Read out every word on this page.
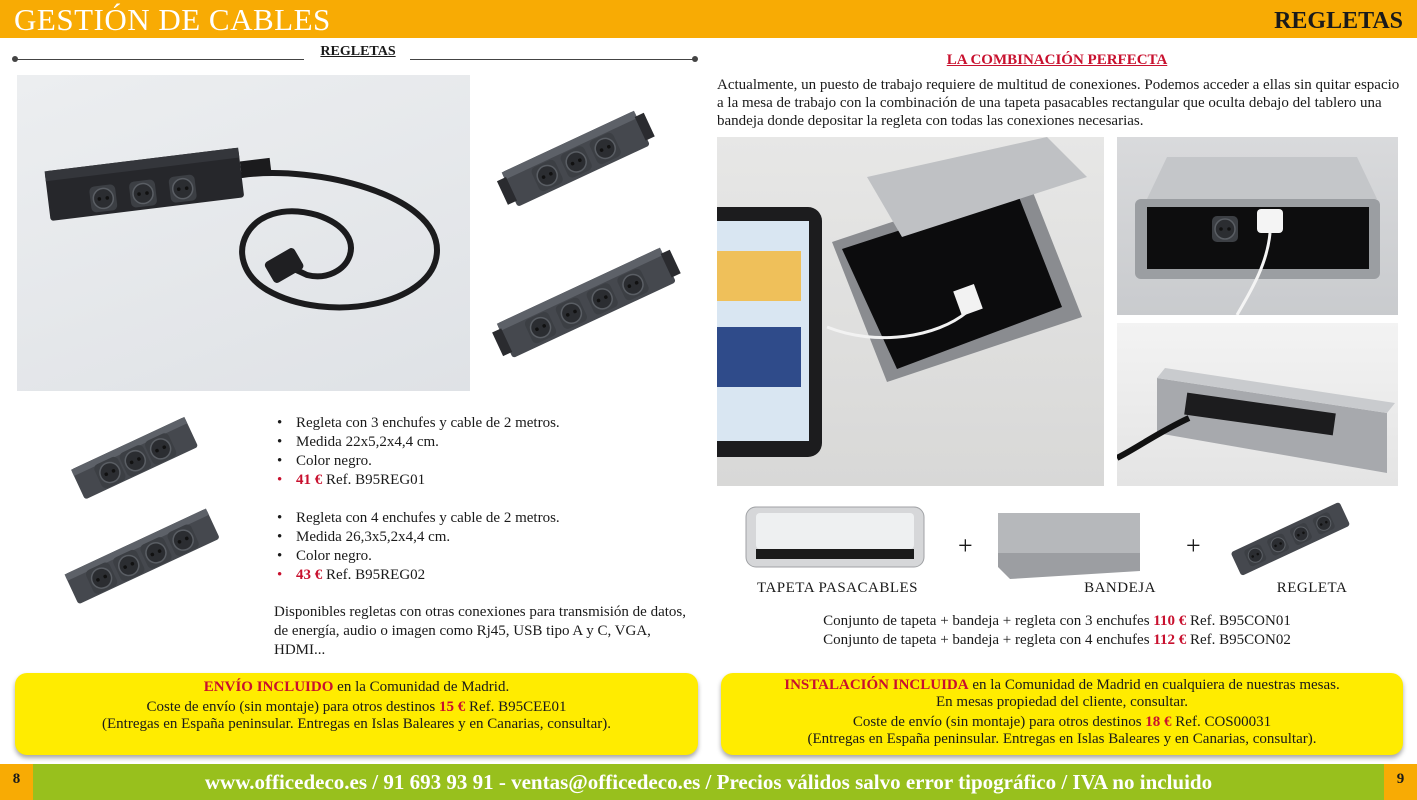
GESTIÓN DE CABLES	REGLETAS
REGLETAS
• Regleta con 3 enchufes y cable de 2 metros.
• Medida 22x5,2x4,4 cm.
• Color negro.
• 41 € Ref. B95REG01
• Regleta con 4 enchufes y cable de 2 metros.
• Medida 26,3x5,2x4,4 cm.
• Color negro.
• 43 € Ref. B95REG02
Disponibles regletas con otras conexiones para transmisión de datos, de energía, audio o imagen como Rj45, USB tipo A y C, VGA, HDMI...
ENVÍO INCLUIDO en la Comunidad de Madrid.
Coste de envío (sin montaje) para otros destinos 15 € Ref. B95CEE01
(Entregas en España peninsular. Entregas en Islas Baleares y en Canarias, consultar).
LA COMBINACIÓN PERFECTA
Actualmente, un puesto de trabajo requiere de multitud de conexiones. Podemos acceder a ellas sin quitar espacio a la mesa de trabajo con la combinación de una tapeta pasacables rectangular que oculta debajo del tablero una bandeja donde depositar la regleta con todas las conexiones necesarias.
+	+
TAPETA PASACABLES	BANDEJA	REGLETA
Conjunto de tapeta + bandeja + regleta con 3 enchufes 110 € Ref. B95CON01
Conjunto de tapeta + bandeja + regleta con 4 enchufes 112 € Ref. B95CON02
INSTALACIÓN INCLUIDA en la Comunidad de Madrid en cualquiera de nuestras mesas.
En mesas propiedad del cliente, consultar.
Coste de envío (sin montaje) para otros destinos 18 € Ref. COS00031
(Entregas en España peninsular. Entregas en Islas Baleares y en Canarias, consultar).
www.officedeco.es / 91 693 93 91 - ventas@officedeco.es / Precios válidos salvo error tipográfico / IVA no incluido
8	9
